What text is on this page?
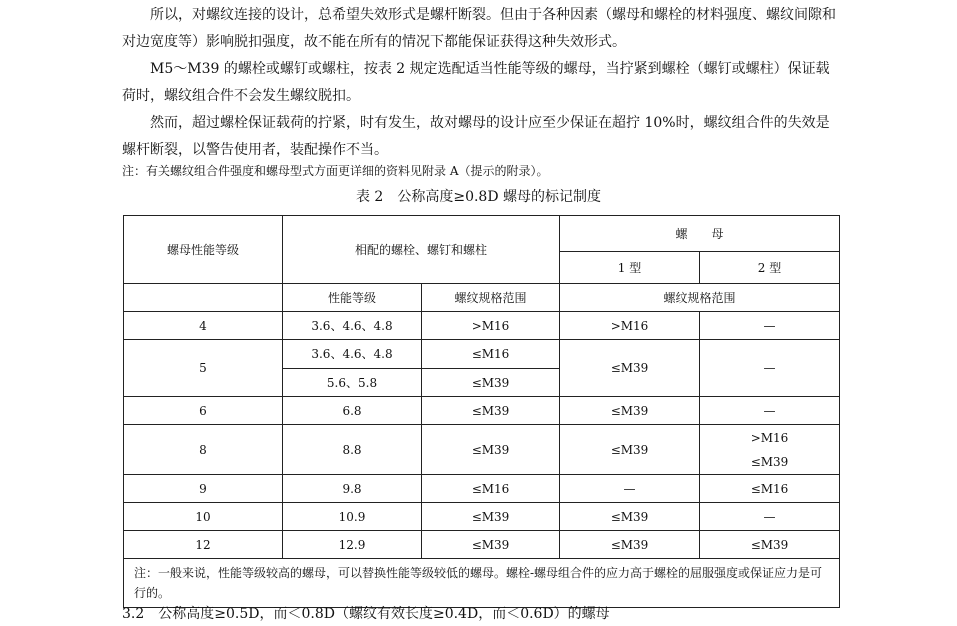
所以，对螺纹连接的设计，总希望失效形式是螺杆断裂。但由于各种因素（螺母和螺栓的材料强度、螺纹间隙和对边宽度等）影响脱扣强度，故不能在所有的情况下都能保证获得这种失效形式。

M5～M39 的螺栓或螺钉或螺柱，按表 2 规定选配适当性能等级的螺母，当拧紧到螺栓（螺钉或螺柱）保证载荷时，螺纹组合件不会发生螺纹脱扣。

然而，超过螺栓保证载荷的拧紧，时有发生，故对螺母的设计应至少保证在超拧 10%时，螺纹组合件的失效是螺杆断裂，以警告使用者，装配操作不当。

注：有关螺纹组合件强度和螺母型式方面更详细的资料见附录 A（提示的附录）。
表 2　公称高度≥0.8D 螺母的标记制度
螺母性能等级	相配的螺栓、螺钉和螺柱		螺　　母	
			1 型	2 型
	性能等级	螺纹规格范围	螺纹规格范围	
4	3.6、4.6、4.8	>M16	>M16	—
5	3.6、4.6、4.8	≤M16	≤M39	—
	5.6、5.8	≤M39		
6	6.8	≤M39	≤M39	—
8	8.8	≤M39	≤M39	>M16
≤M39

9	9.8	≤M16	—	≤M16
10	10.9	≤M39	≤M39	—
12	12.9	≤M39	≤M39	≤M39
注：一般来说，性能等级较高的螺母，可以替换性能等级较低的螺母。螺栓-螺母组合件的应力高于螺栓的屈服强度或保证应力是可行的。				
3.2　公称高度≥0.5D，而＜0.8D（螺纹有效长度≥0.4D，而＜0.6D）的螺母
